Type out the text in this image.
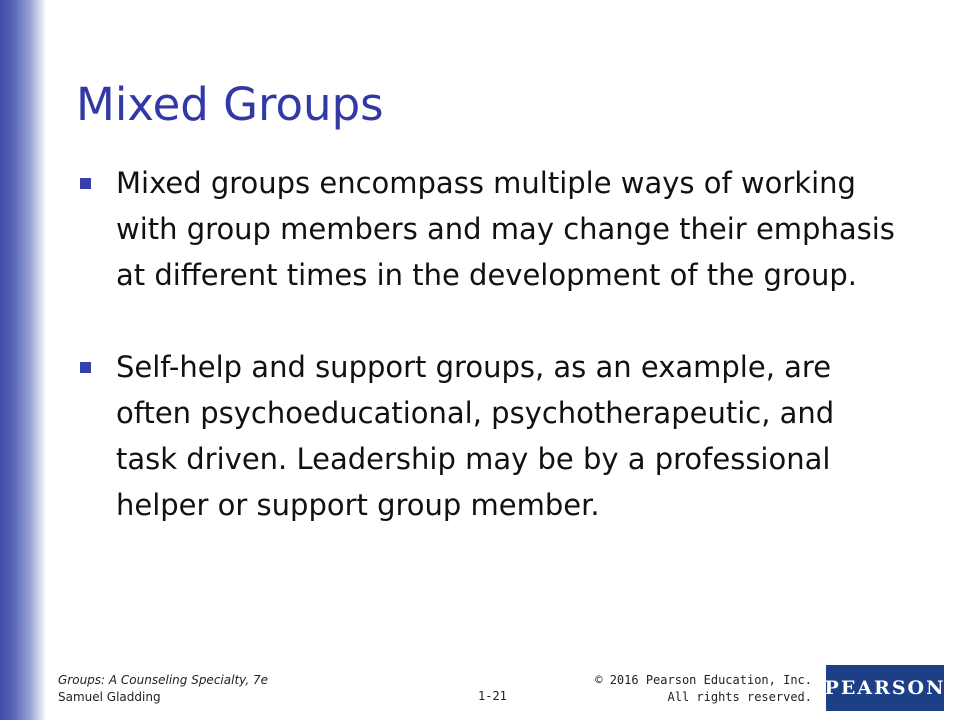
Mixed Groups
Mixed groups encompass multiple ways of working with group members and may change their emphasis at different times in the development of the group.
Self-help and support groups, as an example, are often psychoeducational, psychotherapeutic, and task driven. Leadership may be by a professional helper or support group member.
Groups: A Counseling Specialty, 7e
Samuel Gladding	1-21
© 2016 Pearson Education, Inc.
All rights reserved. PEARSON
